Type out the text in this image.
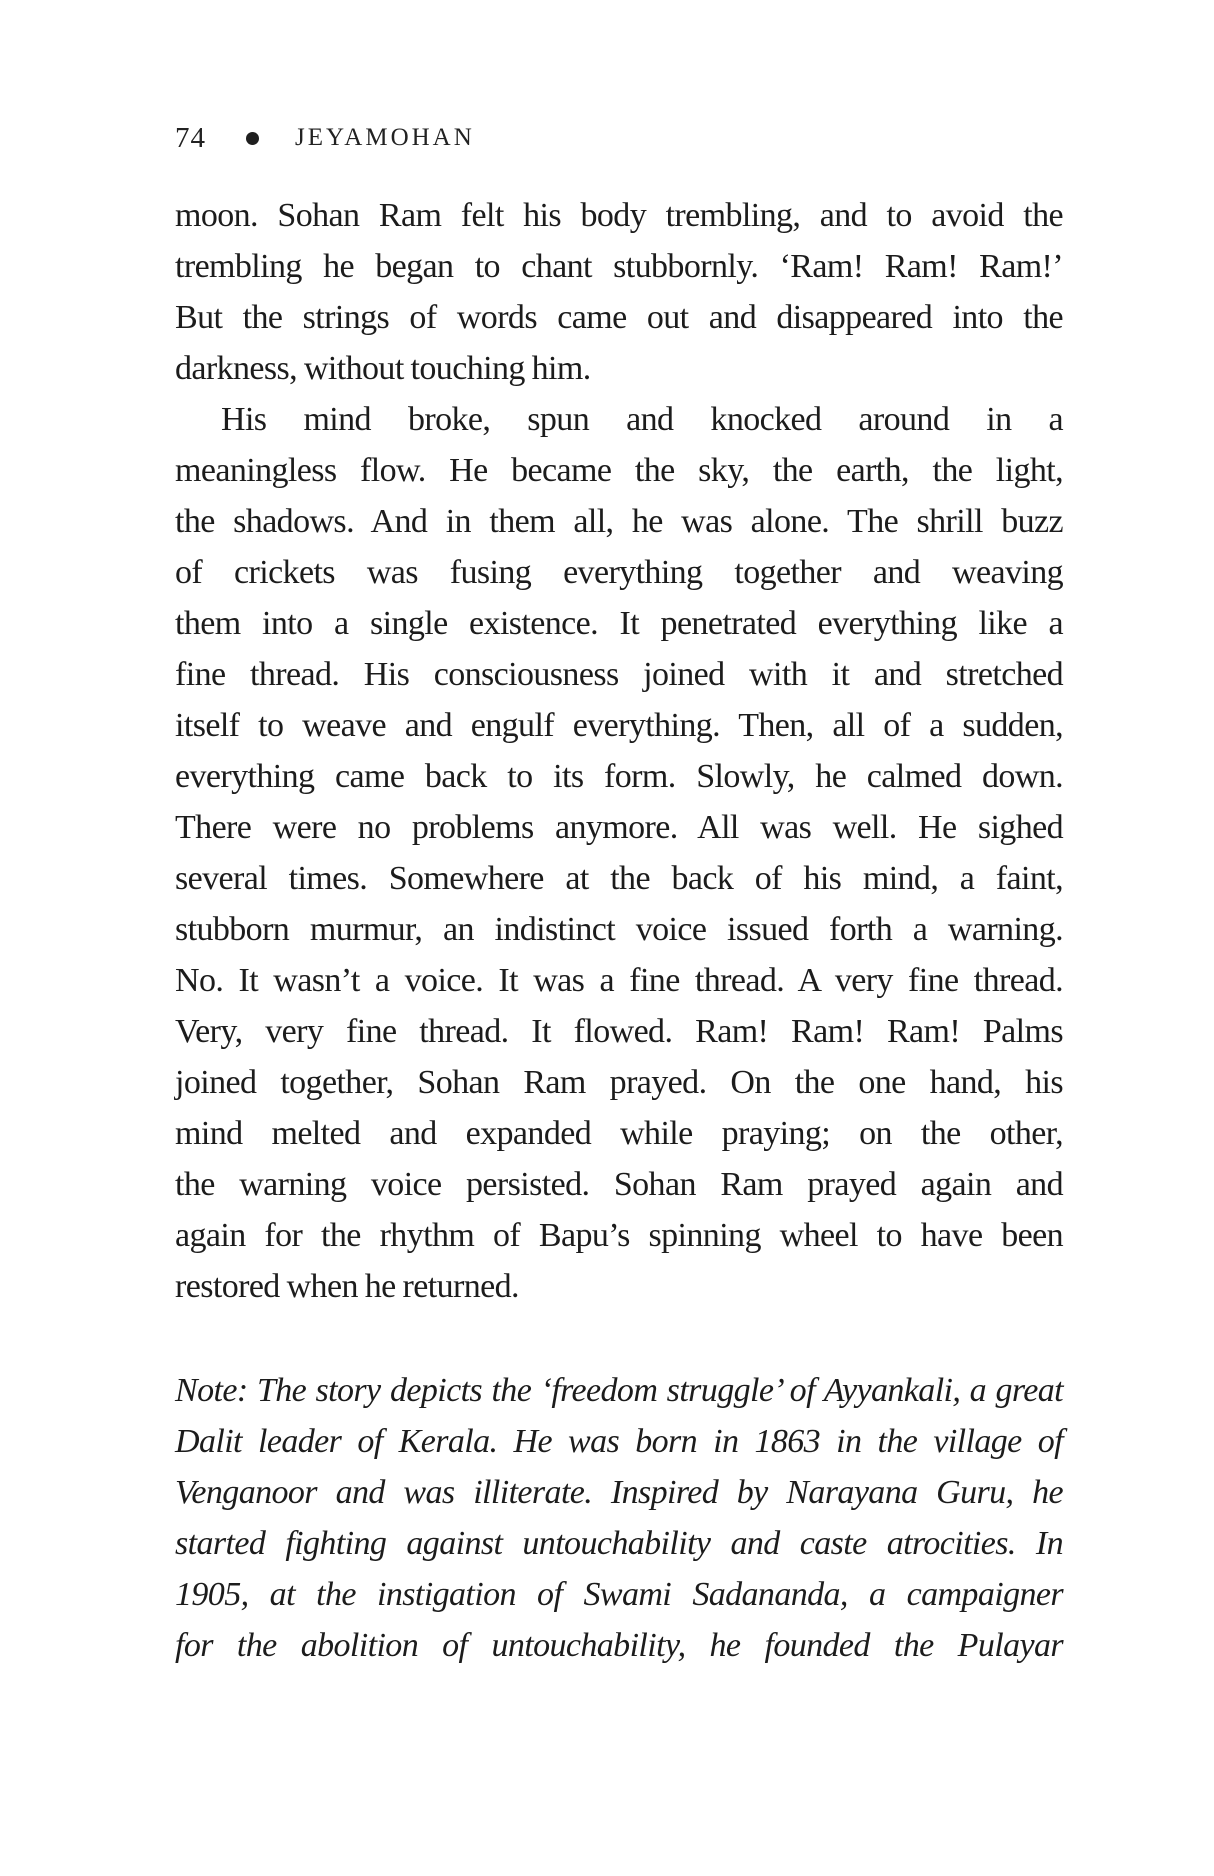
74	JEYAMOHAN
moon. Sohan Ram felt his body trembling, and to avoid the
trembling he began to chant stubbornly. ‘Ram! Ram! Ram!’
But the strings of words came out and disappeared into the
darkness, without touching him.
His mind broke, spun and knocked around in a
meaningless flow. He became the sky, the earth, the light,
the shadows. And in them all, he was alone. The shrill buzz
of crickets was fusing everything together and weaving
them into a single existence. It penetrated everything like a
fine thread. His consciousness joined with it and stretched
itself to weave and engulf everything. Then, all of a sudden,
everything came back to its form. Slowly, he calmed down.
There were no problems anymore. All was well. He sighed
several times. Somewhere at the back of his mind, a faint,
stubborn murmur, an indistinct voice issued forth a warning.
No. It wasn’t a voice. It was a fine thread. A very fine thread.
Very, very fine thread. It flowed. Ram! Ram! Ram! Palms
joined together, Sohan Ram prayed. On the one hand, his
mind melted and expanded while praying; on the other,
the warning voice persisted. Sohan Ram prayed again and
again for the rhythm of Bapu’s spinning wheel to have been
restored when he returned.
Note: The story depicts the ‘freedom struggle’ of Ayyankali, a great
Dalit leader of Kerala. He was born in 1863 in the village of
Venganoor and was illiterate. Inspired by Narayana Guru, he
started fighting against untouchability and caste atrocities. In
1905, at the instigation of Swami Sadananda, a campaigner
for the abolition of untouchability, he founded the Pulayar
